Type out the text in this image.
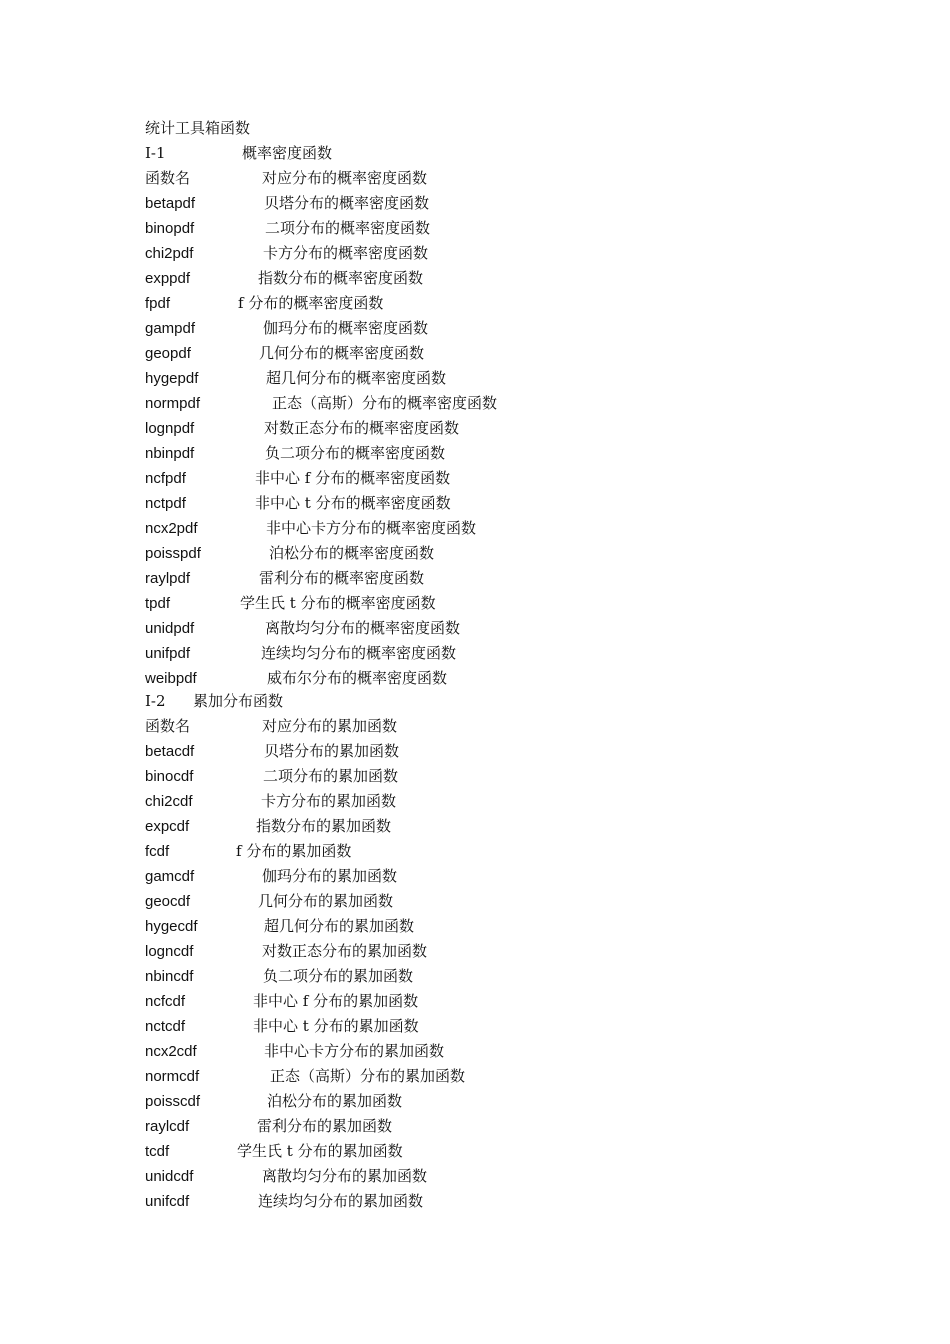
统计工具箱函数
Ⅰ-1	概率密度函数
函数名	对应分布的概率密度函数
betapdf	贝塔分布的概率密度函数
binopdf	二项分布的概率密度函数
chi2pdf	卡方分布的概率密度函数
exppdf	指数分布的概率密度函数
fpdf	f 分布的概率密度函数
gampdf	伽玛分布的概率密度函数
geopdf	几何分布的概率密度函数
hygepdf	超几何分布的概率密度函数
normpdf	正态（高斯）分布的概率密度函数
lognpdf	对数正态分布的概率密度函数
nbinpdf	负二项分布的概率密度函数
ncfpdf	非中心 f 分布的概率密度函数
nctpdf	非中心 t 分布的概率密度函数
ncx2pdf	非中心卡方分布的概率密度函数
poisspdf	泊松分布的概率密度函数
raylpdf	雷利分布的概率密度函数
tpdf	学生氏 t 分布的概率密度函数
unidpdf	离散均匀分布的概率密度函数
unifpdf	连续均匀分布的概率密度函数
weibpdf	威布尔分布的概率密度函数
Ⅰ-2 累加分布函数
函数名	对应分布的累加函数
betacdf	贝塔分布的累加函数
binocdf	二项分布的累加函数
chi2cdf	卡方分布的累加函数
expcdf	指数分布的累加函数
fcdf	f 分布的累加函数
gamcdf	伽玛分布的累加函数
geocdf	几何分布的累加函数
hygecdf	超几何分布的累加函数
logncdf	对数正态分布的累加函数
nbincdf	负二项分布的累加函数
ncfcdf	非中心 f 分布的累加函数
nctcdf	非中心 t 分布的累加函数
ncx2cdf	非中心卡方分布的累加函数
normcdf	正态（高斯）分布的累加函数
poisscdf	泊松分布的累加函数
raylcdf	雷利分布的累加函数
tcdf	学生氏 t 分布的累加函数
unidcdf	离散均匀分布的累加函数
unifcdf	连续均匀分布的累加函数
